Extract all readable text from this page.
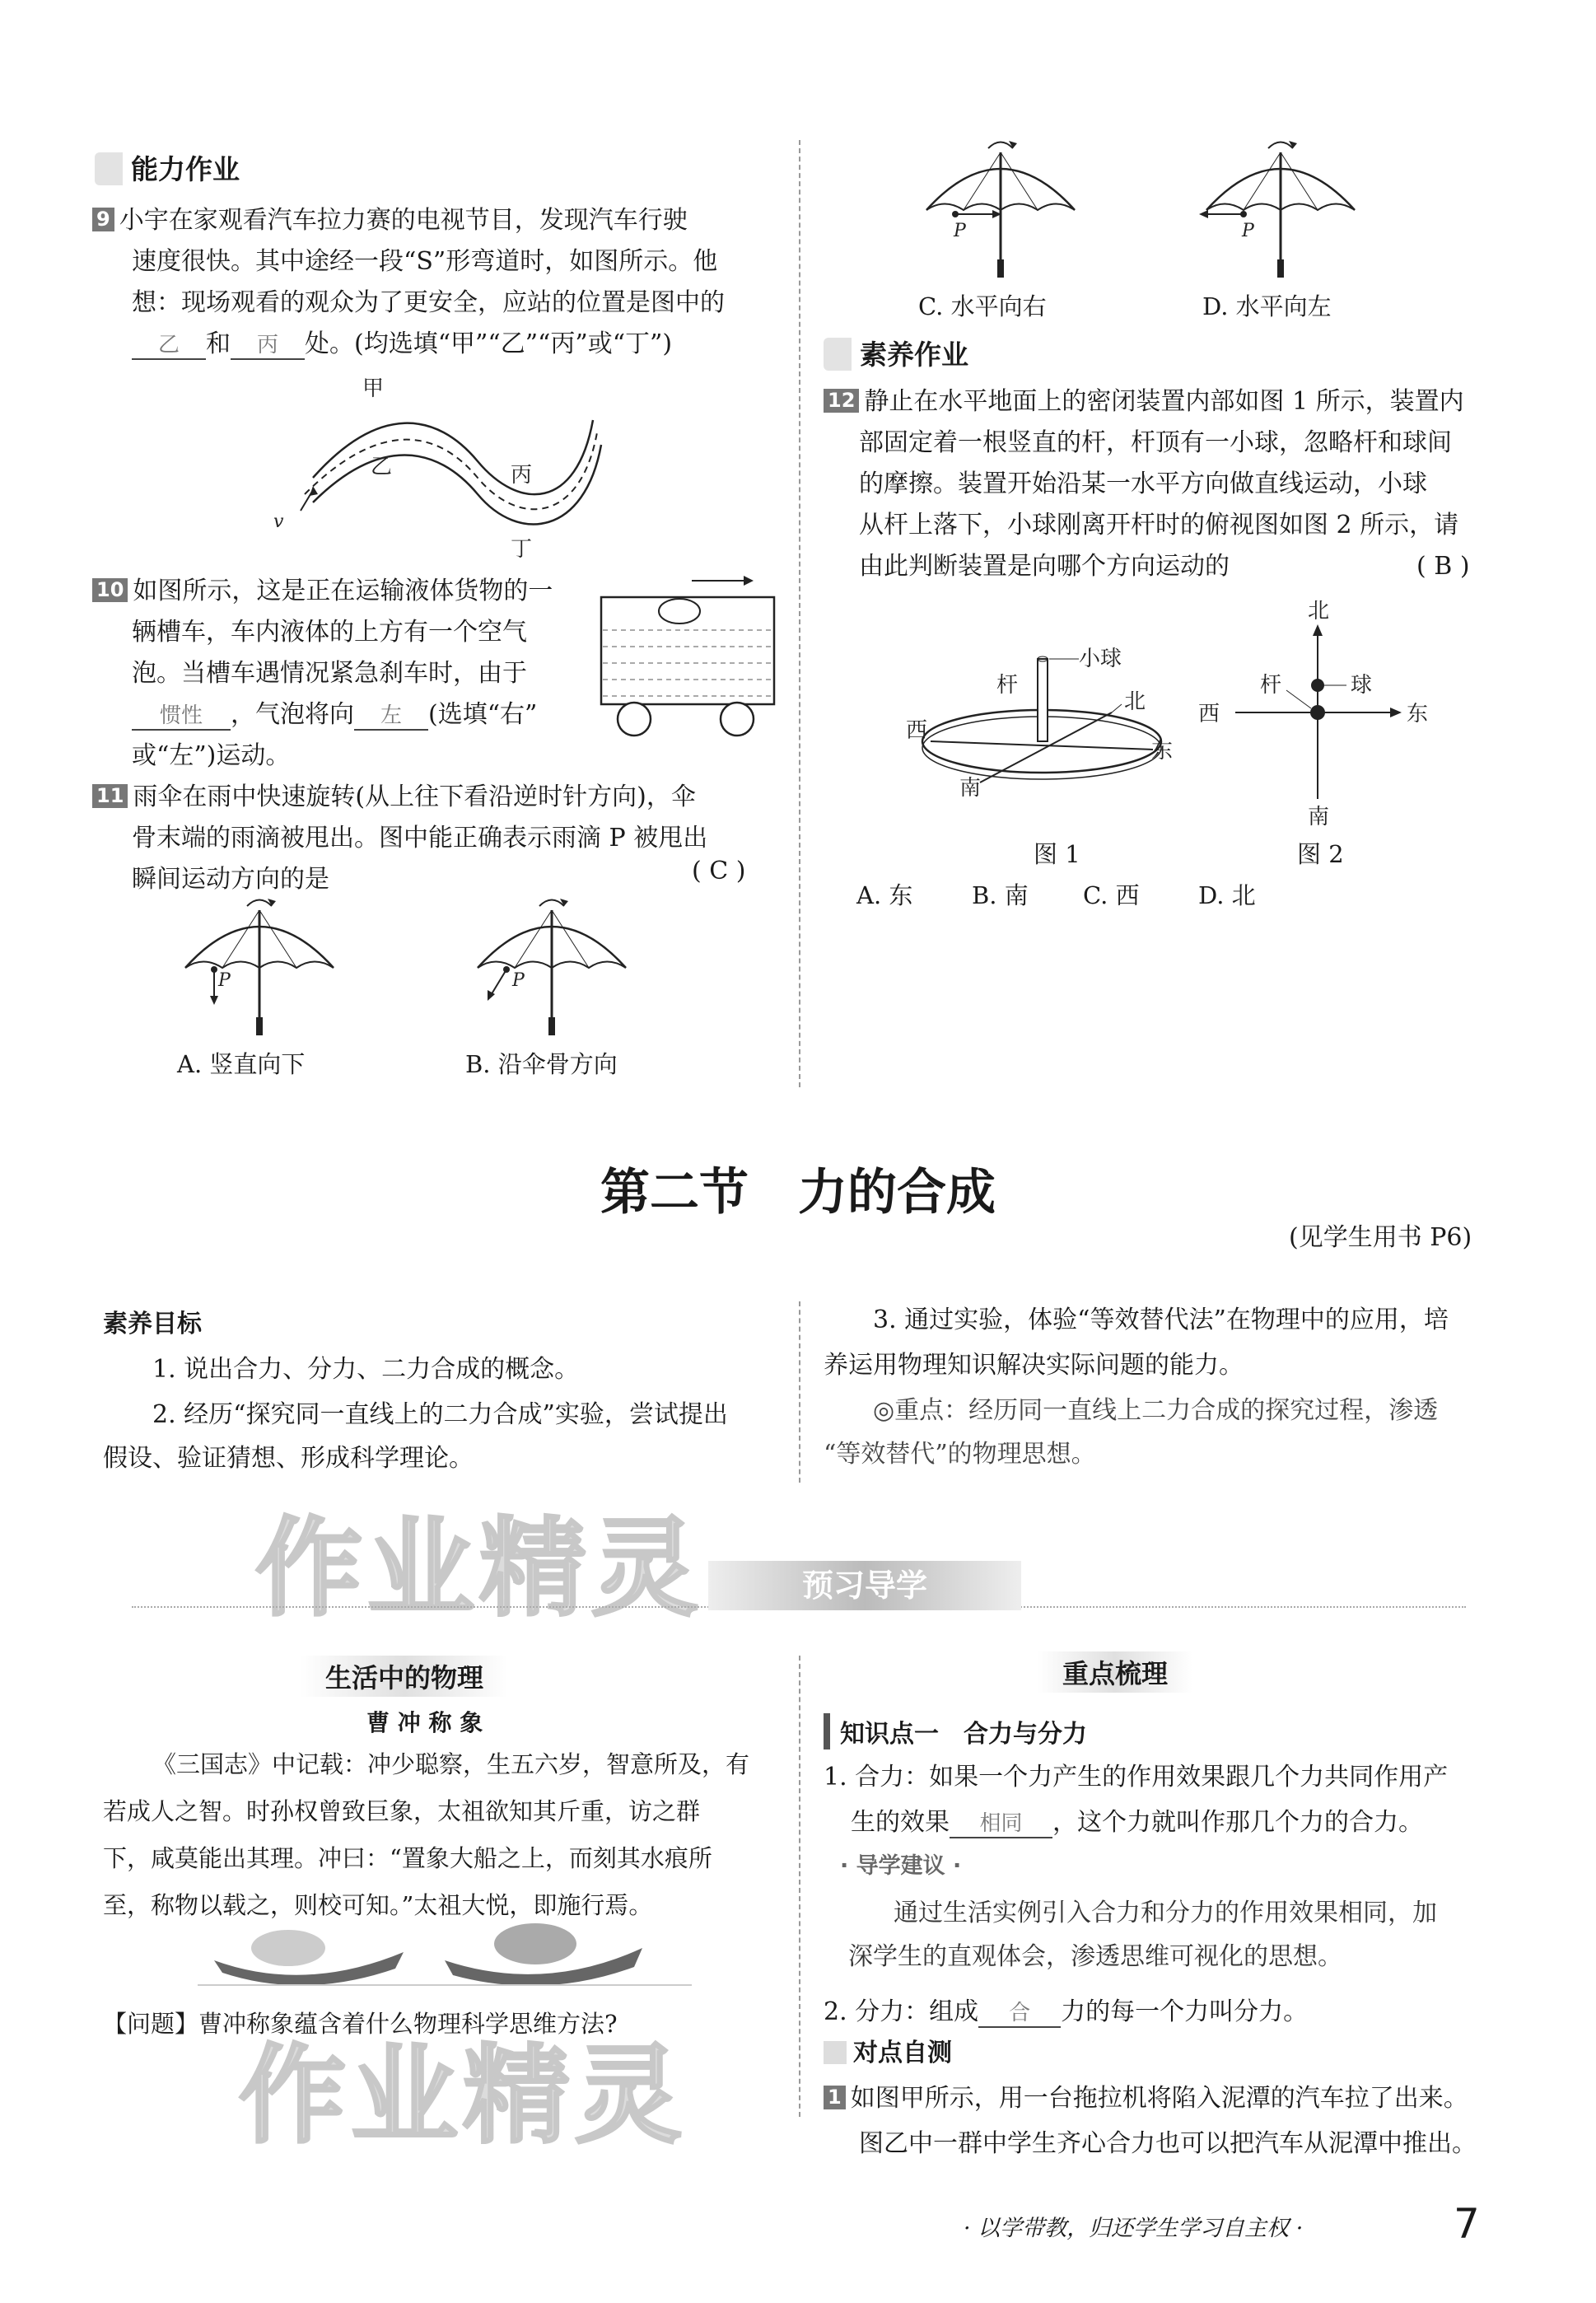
能力作业
9 小宇在家观看汽车拉力赛的电视节目，发现汽车行驶
速度很快。其中途经一段“S”形弯道时，如图所示。他
想：现场观看的观众为了更安全，应站的位置是图中的
乙 和 丙 处。(均选填“甲”“乙”“丙”或“丁”)
甲
乙	丙
丁
v
10 如图所示，这是正在运输液体货物的一
辆槽车，车内液体的上方有一个空气
泡。当槽车遇情况紧急刹车时，由于
惯性 ，气泡将向 左 (选填“右”
或“左”)运动。
11 雨伞在雨中快速旋转(从上往下看沿逆时针方向)，伞
骨末端的雨滴被甩出。图中能正确表示雨滴 P 被甩出
瞬间运动方向的是	( C )
P
A. 竖直向下
P
B. 沿伞骨方向
P
C. 水平向右
P
D. 水平向左
素养作业
12 静止在水平地面上的密闭装置内部如图 1 所示，装置内
部固定着一根竖直的杆，杆顶有一小球，忽略杆和球间
的摩擦。装置开始沿某一水平方向做直线运动，小球
从杆上落下，小球刚离开杆时的俯视图如图 2 所示，请
由此判断装置是向哪个方向运动的	( B )
小球
杆
北
西
东
南
图 1
北
杆	球
西	东
南
图 2
A. 东 B. 南 C. 西 D. 北
第二节　力的合成
(见学生用书 P6)
素养目标
1. 说出合力、分力、二力合成的概念。
2. 经历“探究同一直线上的二力合成”实验，尝试提出
假设、验证猜想、形成科学理论。
3. 通过实验，体验“等效替代法”在物理中的应用，培
养运用物理知识解决实际问题的能力。
◎重点：经历同一直线上二力合成的探究过程，渗透
“等效替代”的物理思想。
作业精灵
作业精灵
预习导学
生活中的物理
曹 冲 称 象
《三国志》中记载：冲少聪察，生五六岁，智意所及，有
若成人之智。时孙权曾致巨象，太祖欲知其斤重，访之群
下，咸莫能出其理。冲曰：“置象大船之上，而刻其水痕所
至，称物以载之，则校可知。”太祖大悦，即施行焉。
【问题】曹冲称象蕴含着什么物理科学思维方法?
重点梳理
知识点一　合力与分力
1. 合力：如果一个力产生的作用效果跟几个力共同作用产
生的效果 相同 ，这个力就叫作那几个力的合力。
· 导学建议 ·
通过生活实例引入合力和分力的作用效果相同，加
深学生的直观体会，渗透思维可视化的思想。
2. 分力：组成 合 力的每一个力叫分力。
对点自测
1 如图甲所示，用一台拖拉机将陷入泥潭的汽车拉了出来。
图乙中一群中学生齐心合力也可以把汽车从泥潭中推出。
· 以学带教，归还学生学习自主权 ·	7
